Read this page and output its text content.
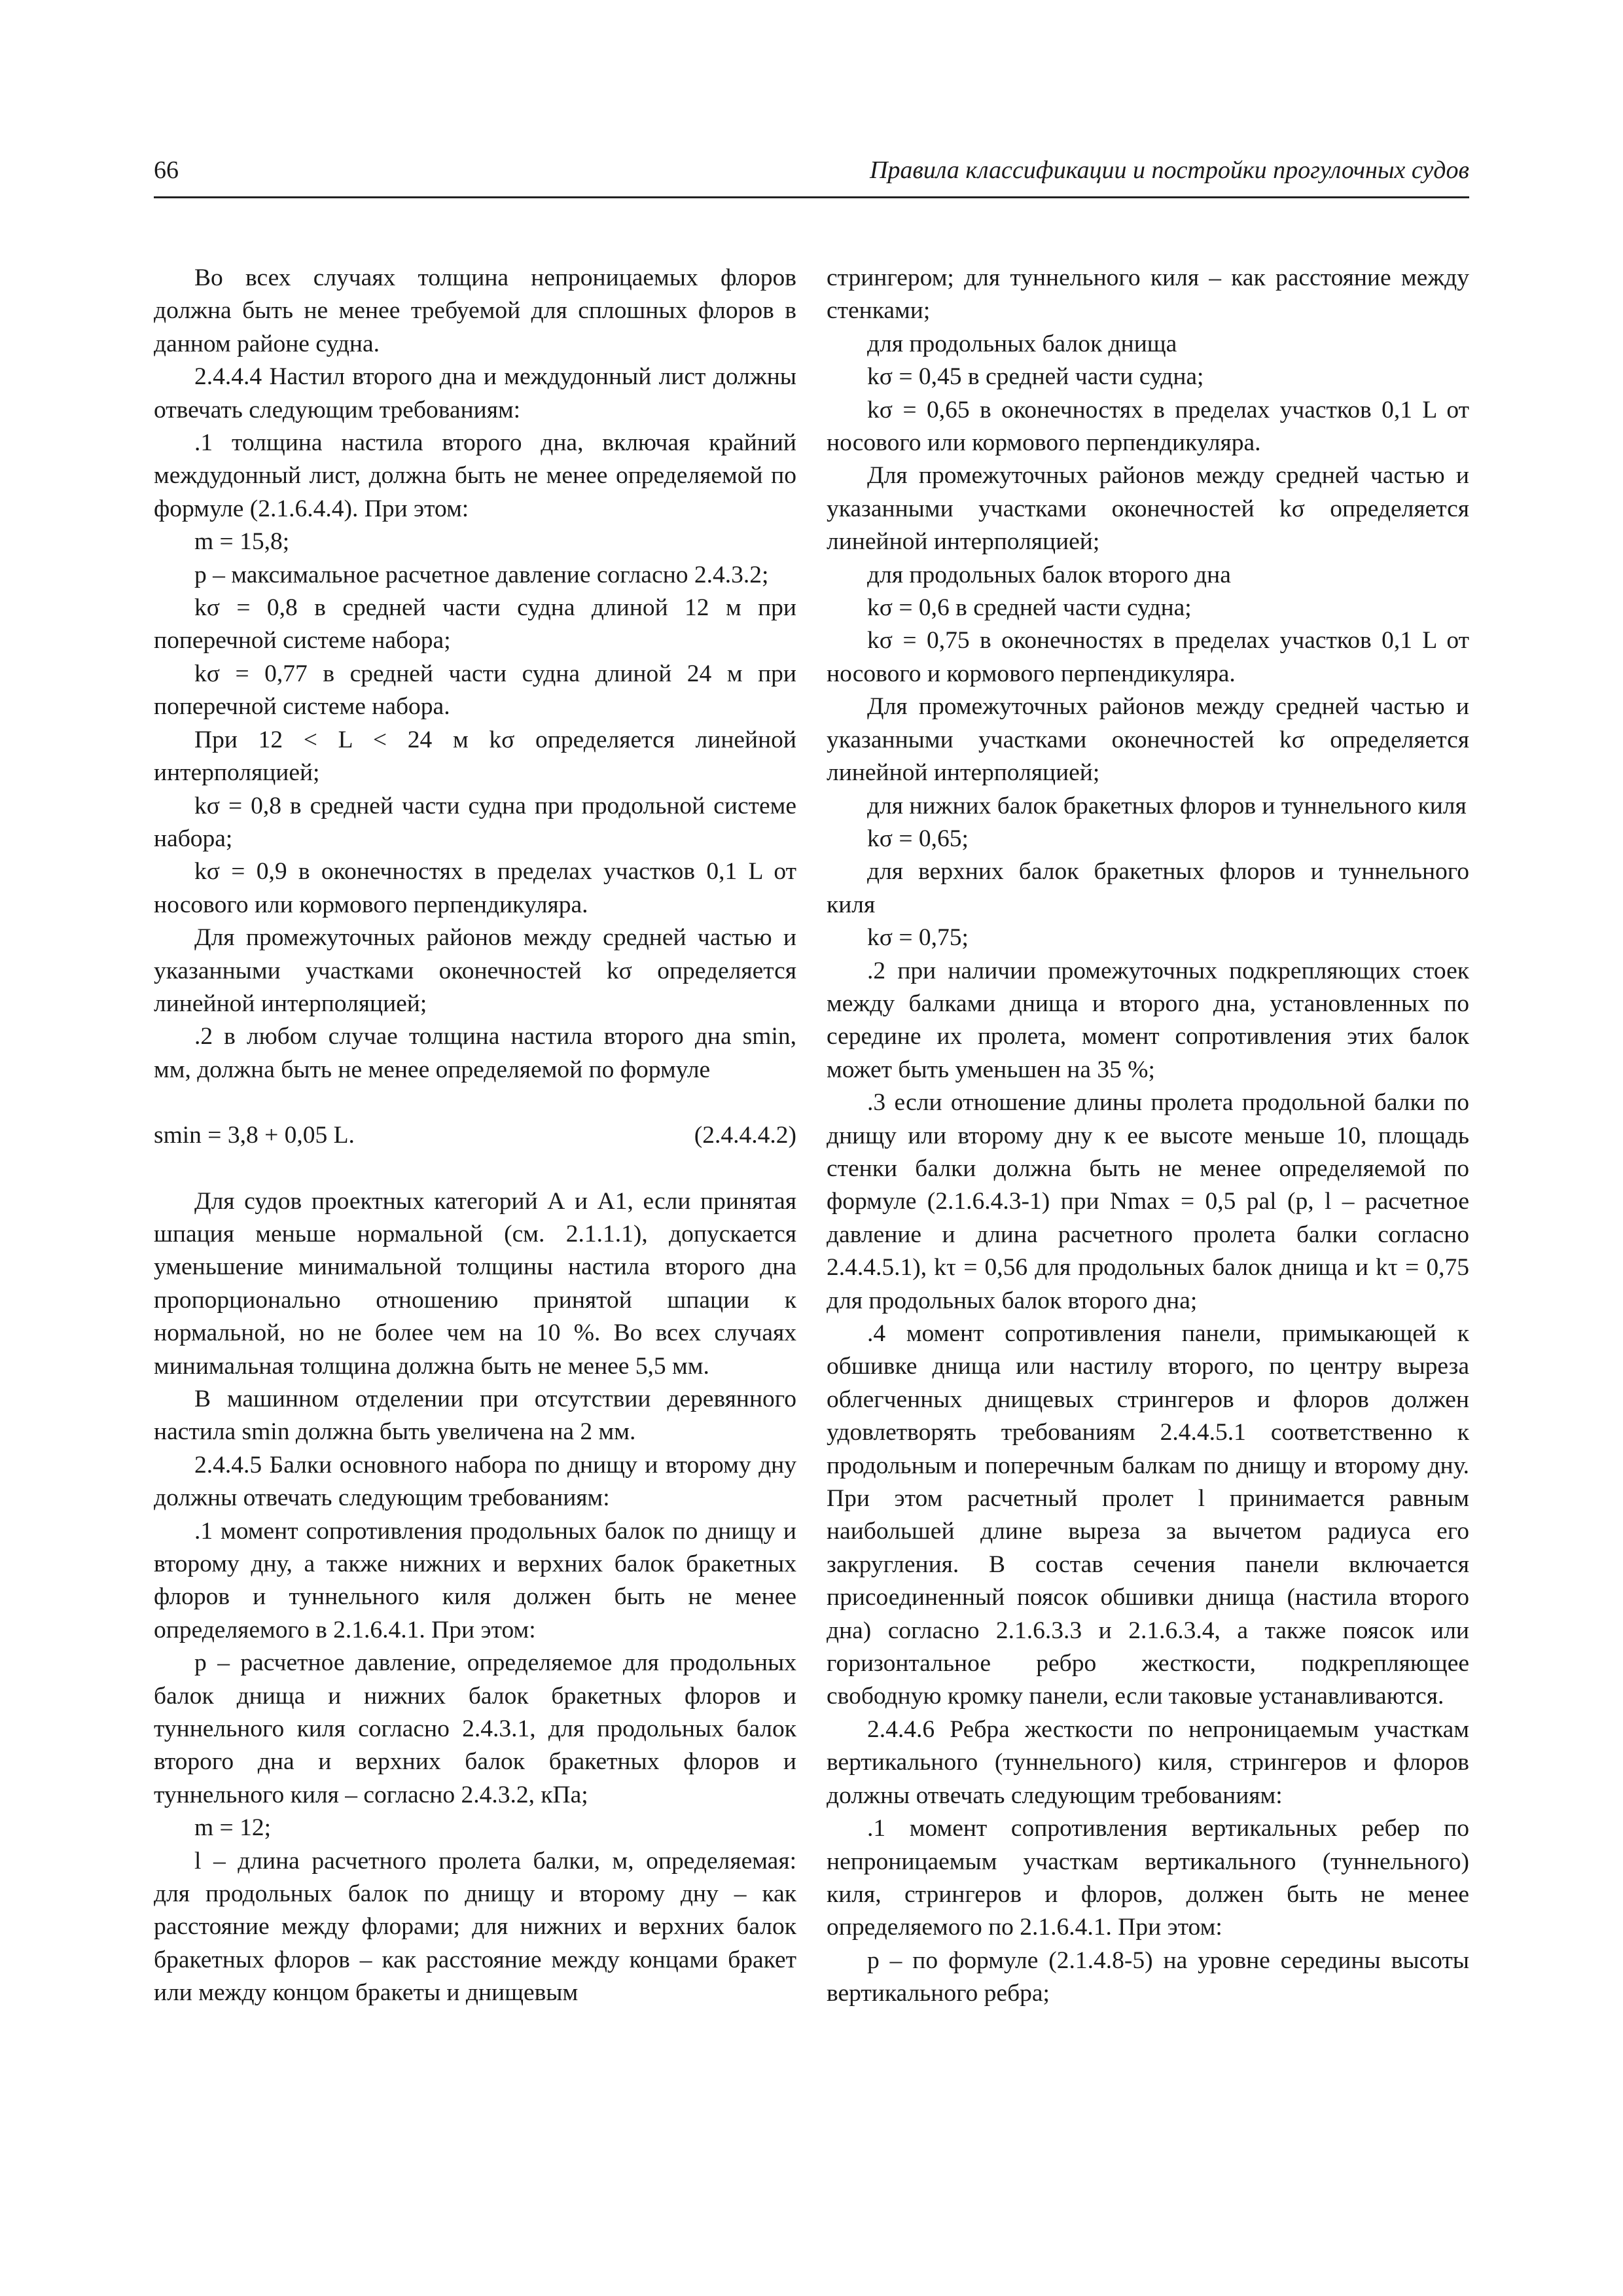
66	Правила классификации и постройки прогулочных судов

Во всех случаях толщина непроницаемых флоров должна быть не менее требуемой для сплошных флоров в данном районе судна.

2.4.4.4 Настил второго дна и междудонный лист должны отвечать следующим требованиям:

.1 толщина настила второго дна, включая крайний междудонный лист, должна быть не менее определяемой по формуле (2.1.6.4.4). При этом:

m = 15,8;

p – максимальное расчетное давление согласно 2.4.3.2;

kσ = 0,8 в средней части судна длиной 12 м при поперечной системе набора;

kσ = 0,77 в средней части судна длиной 24 м при поперечной системе набора.

При 12 < L < 24 м kσ определяется линейной интерполяцией;

kσ = 0,8 в средней части судна при продольной системе набора;

kσ = 0,9 в оконечностях в пределах участков 0,1 L от носового или кормового перпендикуляра.

Для промежуточных районов между средней частью и указанными участками оконечностей kσ определяется линейной интерполяцией;

.2 в любом случае толщина настила второго дна smin, мм, должна быть не менее определяемой по формуле

smin = 3,8 + 0,05 L.	(2.4.4.4.2)

Для судов проектных категорий А и А1, если принятая шпация меньше нормальной (см. 2.1.1.1), допускается уменьшение минимальной толщины настила второго дна пропорционально отношению принятой шпации к нормальной, но не более чем на 10 %. Во всех случаях минимальная толщина должна быть не менее 5,5 мм.

В машинном отделении при отсутствии деревянного настила smin должна быть увеличена на 2 мм.

2.4.4.5 Балки основного набора по днищу и второму дну должны отвечать следующим требованиям:

.1 момент сопротивления продольных балок по днищу и второму дну, а также нижних и верхних балок бракетных флоров и туннельного киля должен быть не менее определяемого в 2.1.6.4.1. При этом:

p – расчетное давление, определяемое для продольных балок днища и нижних балок бракетных флоров и туннельного киля согласно 2.4.3.1, для продольных балок второго дна и верхних балок бракетных флоров и туннельного киля – согласно 2.4.3.2, кПа;

m = 12;

l – длина расчетного пролета балки, м, определяемая: для продольных балок по днищу и второму дну – как расстояние между флорами; для нижних и верхних балок бракетных флоров – как расстояние между концами бракет или между концом бракеты и днищевым

стрингером; для туннельного киля – как расстояние между стенками;

для продольных балок днища

kσ = 0,45 в средней части судна;

kσ = 0,65 в оконечностях в пределах участков 0,1 L от носового или кормового перпендикуляра.

Для промежуточных районов между средней частью и указанными участками оконечностей kσ определяется линейной интерполяцией;

для продольных балок второго дна

kσ = 0,6 в средней части судна;

kσ = 0,75 в оконечностях в пределах участков 0,1 L от носового и кормового перпендикуляра.

Для промежуточных районов между средней частью и указанными участками оконечностей kσ определяется линейной интерполяцией;

для нижних балок бракетных флоров и туннельного киля

kσ = 0,65;

для верхних балок бракетных флоров и туннельного киля

kσ = 0,75;

.2 при наличии промежуточных подкрепляющих стоек между балками днища и второго дна, установленных по середине их пролета, момент сопротивления этих балок может быть уменьшен на 35 %;

.3 если отношение длины пролета продольной балки по днищу или второму дну к ее высоте меньше 10, площадь стенки балки должна быть не менее определяемой по формуле (2.1.6.4.3-1) при Nmax = 0,5 pal (p, l – расчетное давление и длина расчетного пролета балки согласно 2.4.4.5.1), kτ = 0,56 для продольных балок днища и kτ = 0,75 для продольных балок второго дна;

.4 момент сопротивления панели, примыкающей к обшивке днища или настилу второго, по центру выреза облегченных днищевых стрингеров и флоров должен удовлетворять требованиям 2.4.4.5.1 соответственно к продольным и поперечным балкам по днищу и второму дну. При этом расчетный пролет l принимается равным наибольшей длине выреза за вычетом радиуса его закругления. В состав сечения панели включается присоединенный поясок обшивки днища (настила второго дна) согласно 2.1.6.3.3 и 2.1.6.3.4, а также поясок или горизонтальное ребро жесткости, подкрепляющее свободную кромку панели, если таковые устанавливаются.

2.4.4.6 Ребра жесткости по непроницаемым участкам вертикального (туннельного) киля, стрингеров и флоров должны отвечать следующим требованиям:

.1 момент сопротивления вертикальных ребер по непроницаемым участкам вертикального (туннельного) киля, стрингеров и флоров, должен быть не менее определяемого по 2.1.6.4.1. При этом:

p – по формуле (2.1.4.8-5) на уровне середины высоты вертикального ребра;
